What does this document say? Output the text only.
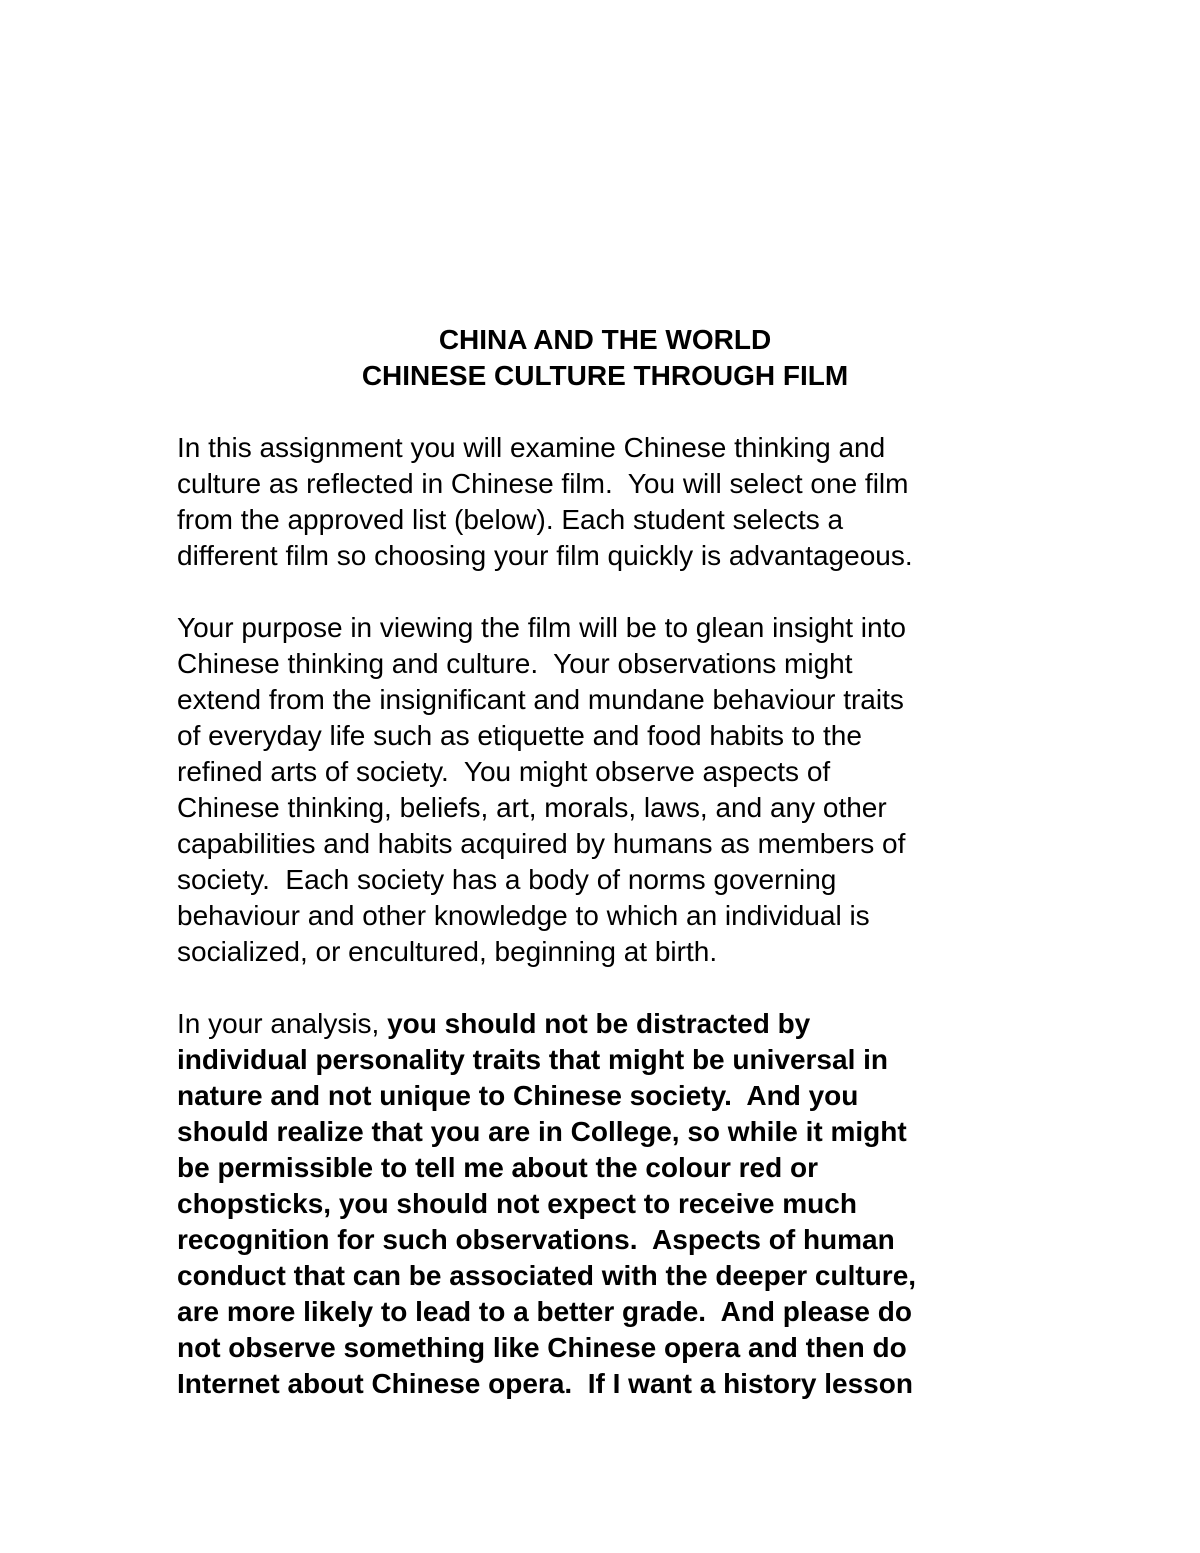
CHINA AND THE WORLD
CHINESE CULTURE THROUGH FILM
In this assignment you will examine Chinese thinking and
culture as reflected in Chinese film.  You will select one film
from the approved list (below). Each student selects a
different film so choosing your film quickly is advantageous.
Your purpose in viewing the film will be to glean insight into
Chinese thinking and culture.  Your observations might
extend from the insignificant and mundane behaviour traits
of everyday life such as etiquette and food habits to the
refined arts of society.  You might observe aspects of
Chinese thinking, beliefs, art, morals, laws, and any other
capabilities and habits acquired by humans as members of
society.  Each society has a body of norms governing
behaviour and other knowledge to which an individual is
socialized, or encultured, beginning at birth.
In your analysis, you should not be distracted by
individual personality traits that might be universal in
nature and not unique to Chinese society.  And you
should realize that you are in College, so while it might
be permissible to tell me about the colour red or
chopsticks, you should not expect to receive much
recognition for such observations.  Aspects of human
conduct that can be associated with the deeper culture,
are more likely to lead to a better grade.  And please do
not observe something like Chinese opera and then do
Internet about Chinese opera.  If I want a history lesson
